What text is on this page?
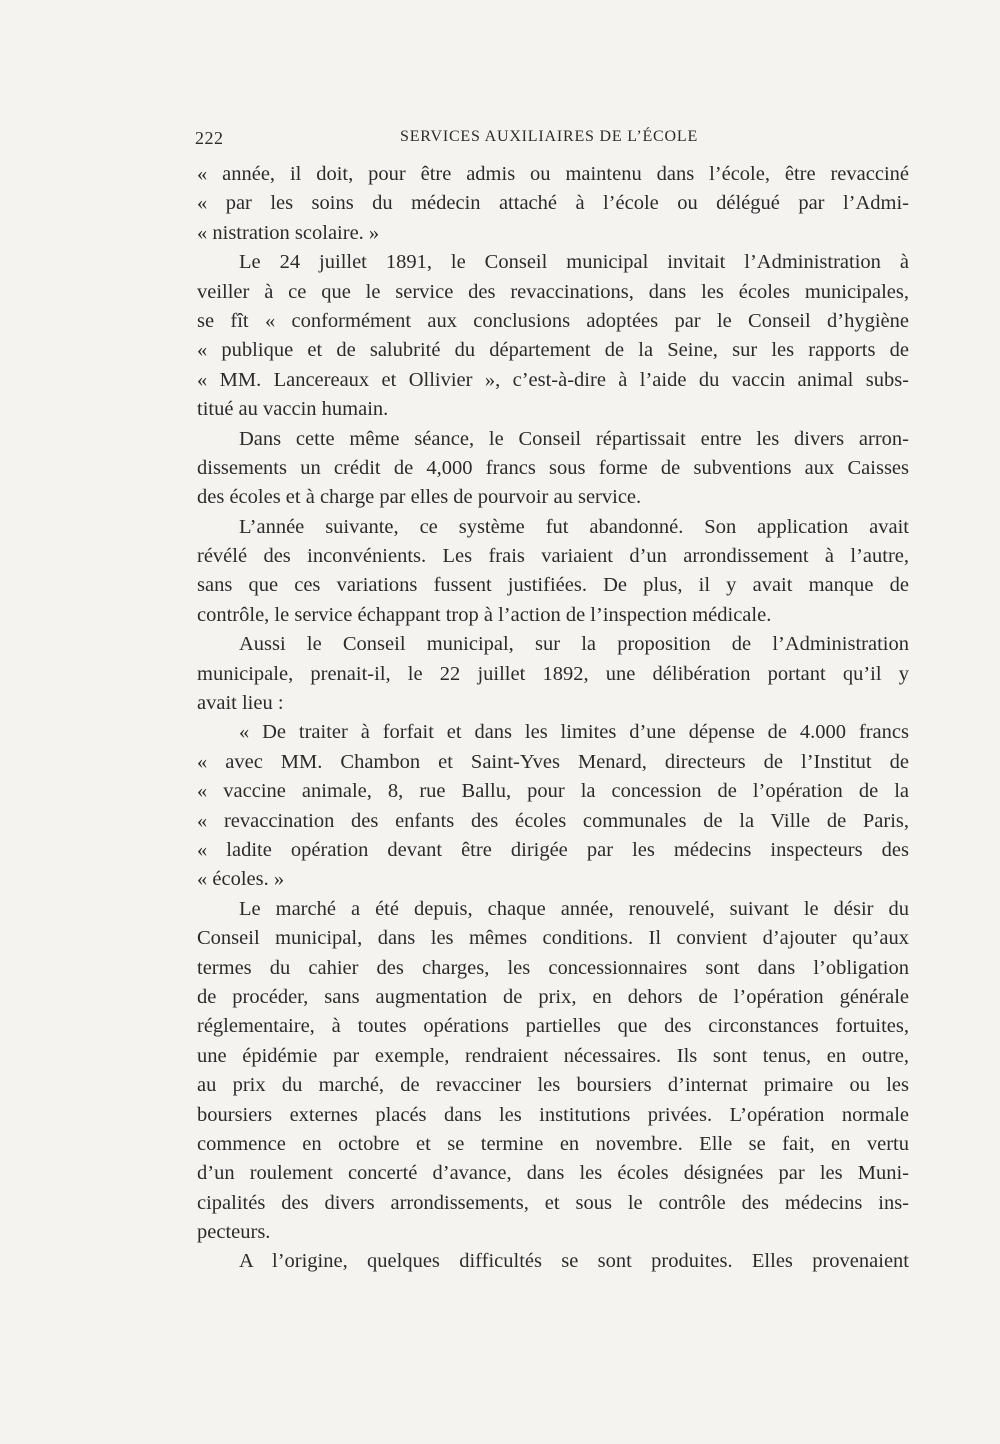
222	SERVICES AUXILIAIRES DE L’ÉCOLE
« année, il doit, pour être admis ou maintenu dans l’école, être revacciné
« par les soins du médecin attaché à l’école ou délégué par l’Admi-
« nistration scolaire. »
Le 24 juillet 1891, le Conseil municipal invitait l’Administration à
veiller à ce que le service des revaccinations, dans les écoles municipales,
se fît « conformément aux conclusions adoptées par le Conseil d’hygiène
« publique et de salubrité du département de la Seine, sur les rapports de
« MM. Lancereaux et Ollivier », c’est-à-dire à l’aide du vaccin animal subs-
titué au vaccin humain.
Dans cette même séance, le Conseil répartissait entre les divers arron-
dissements un crédit de 4,000 francs sous forme de subventions aux Caisses
des écoles et à charge par elles de pourvoir au service.
L’année suivante, ce système fut abandonné. Son application avait
révélé des inconvénients. Les frais variaient d’un arrondissement à l’autre,
sans que ces variations fussent justifiées. De plus, il y avait manque de
contrôle, le service échappant trop à l’action de l’inspection médicale.
Aussi le Conseil municipal, sur la proposition de l’Administration
municipale, prenait-il, le 22 juillet 1892, une délibération portant qu’il y
avait lieu :
« De traiter à forfait et dans les limites d’une dépense de 4.000 francs
« avec MM. Chambon et Saint-Yves Menard, directeurs de l’Institut de
« vaccine animale, 8, rue Ballu, pour la concession de l’opération de la
« revaccination des enfants des écoles communales de la Ville de Paris,
« ladite opération devant être dirigée par les médecins inspecteurs des
« écoles. »
Le marché a été depuis, chaque année, renouvelé, suivant le désir du
Conseil municipal, dans les mêmes conditions. Il convient d’ajouter qu’aux
termes du cahier des charges, les concessionnaires sont dans l’obligation
de procéder, sans augmentation de prix, en dehors de l’opération générale
réglementaire, à toutes opérations partielles que des circonstances fortuites,
une épidémie par exemple, rendraient nécessaires. Ils sont tenus, en outre,
au prix du marché, de revacciner les boursiers d’internat primaire ou les
boursiers externes placés dans les institutions privées. L’opération normale
commence en octobre et se termine en novembre. Elle se fait, en vertu
d’un roulement concerté d’avance, dans les écoles désignées par les Muni-
cipalités des divers arrondissements, et sous le contrôle des médecins ins-
pecteurs.
A l’origine, quelques difficultés se sont produites. Elles provenaient
